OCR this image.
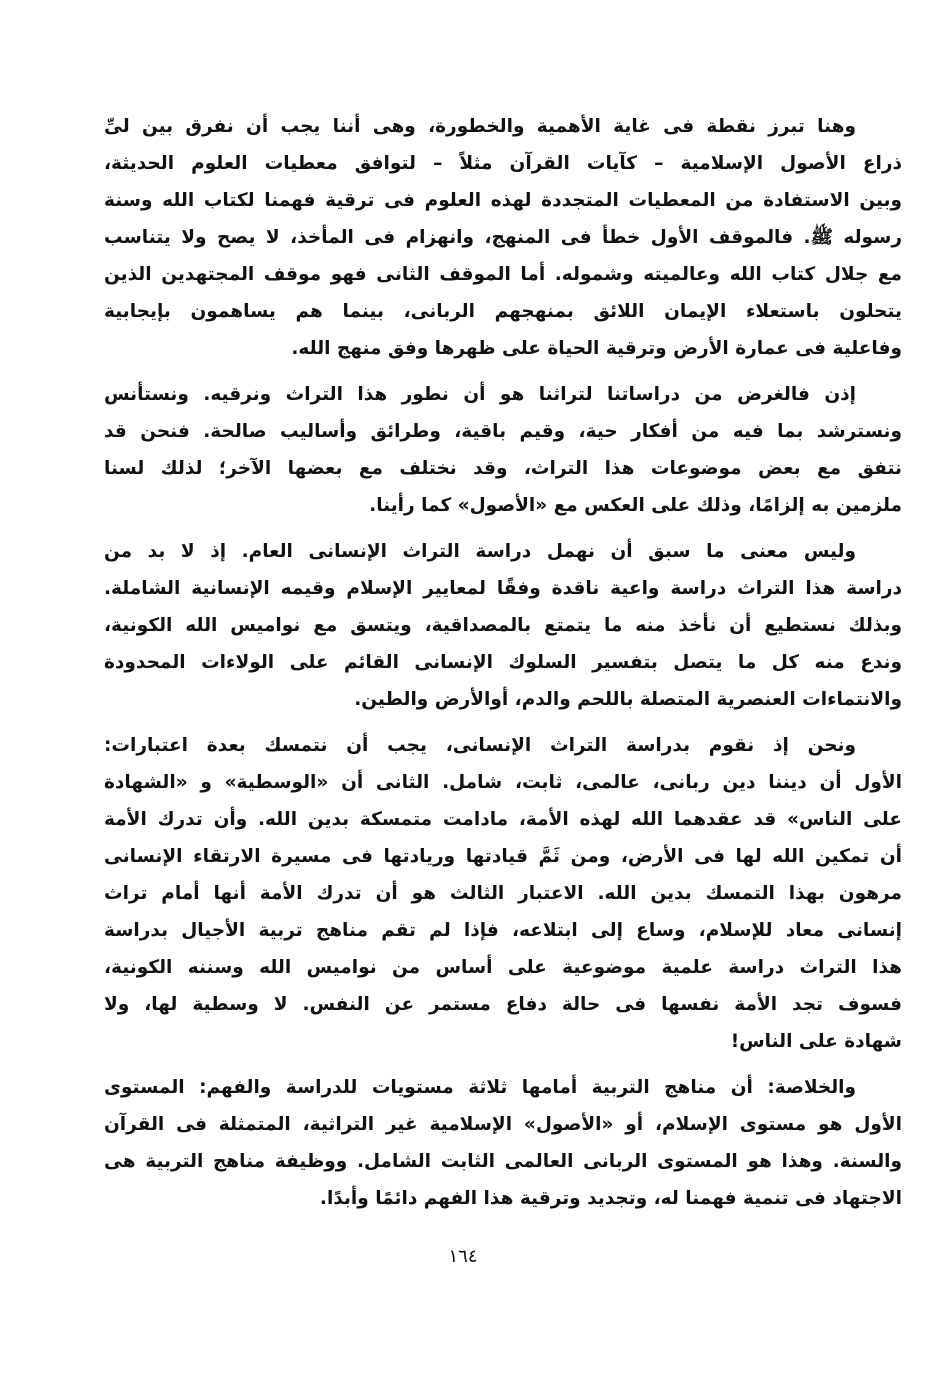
وهنا تبرز نقطة فى غاية الأهمية والخطورة، وهى أننا يجب أن نفرق بين لىِّ
ذراع الأصول الإسلامية – كآيات القرآن مثلاً – لتوافق معطيات العلوم الحديثة،
وبين الاستفادة من المعطيات المتجددة لهذه العلوم فى ترقية فهمنا لكتاب الله وسنة
رسوله ﷺ. فالموقف الأول خطأ فى المنهج، وانهزام فى المأخذ، لا يصح ولا يتناسب
مع جلال كتاب الله وعالميته وشموله. أما الموقف الثانى فهو موقف المجتهدين الذين
يتحلون باستعلاء الإيمان اللائق بمنهجهم الربانى، بينما هم يساهمون بإيجابية
وفاعلية فى عمارة الأرض وترقية الحياة على ظهرها وفق منهج الله.
إذن فالغرض من دراساتنا لتراثنا هو أن نطور هذا التراث ونرقيه. ونستأنس
ونسترشد بما فيه من أفكار حية، وقيم باقية، وطرائق وأساليب صالحة. فنحن قد
نتفق مع بعض موضوعات هذا التراث، وقد نختلف مع بعضها الآخر؛ لذلك لسنا
ملزمين به إلزامًا، وذلك على العكس مع «الأصول» كما رأينا.
وليس معنى ما سبق أن نهمل دراسة التراث الإنسانى العام. إذ لا بد من
دراسة هذا التراث دراسة واعية ناقدة وفقًا لمعايير الإسلام وقيمه الإنسانية الشاملة.
وبذلك نستطيع أن نأخذ منه ما يتمتع بالمصداقية، ويتسق مع نواميس الله الكونية،
وندع منه كل ما يتصل بتفسير السلوك الإنسانى القائم على الولاءات المحدودة
والانتماءات العنصرية المتصلة باللحم والدم، أوالأرض والطين.
ونحن إذ نقوم بدراسة التراث الإنسانى، يجب أن نتمسك بعدة اعتبارات:
الأول أن ديننا دين ربانى، عالمى، ثابت، شامل. الثانى أن «الوسطية» و «الشهادة
على الناس» قد عقدهما الله لهذه الأمة، مادامت متمسكة بدين الله. وأن تدرك الأمة
أن تمكين الله لها فى الأرض، ومن ثَمَّ قيادتها وريادتها فى مسيرة الارتقاء الإنسانى
مرهون بهذا التمسك بدين الله. الاعتبار الثالث هو أن تدرك الأمة أنها أمام تراث
إنسانى معاد للإسلام، وساع إلى ابتلاعه، فإذا لم تقم مناهج تربية الأجيال بدراسة
هذا التراث دراسة علمية موضوعية على أساس من نواميس الله وسننه الكونية،
فسوف تجد الأمة نفسها فى حالة دفاع مستمر عن النفس. لا وسطية لها، ولا
شهادة على الناس!
والخلاصة: أن مناهج التربية أمامها ثلاثة مستويات للدراسة والفهم: المستوى
الأول هو مستوى الإسلام، أو «الأصول» الإسلامية غير التراثية، المتمثلة فى القرآن
والسنة. وهذا هو المستوى الربانى العالمى الثابت الشامل. ووظيفة مناهج التربية هى
الاجتهاد فى تنمية فهمنا له، وتجديد وترقية هذا الفهم دائمًا وأبدًا.
١٦٤
